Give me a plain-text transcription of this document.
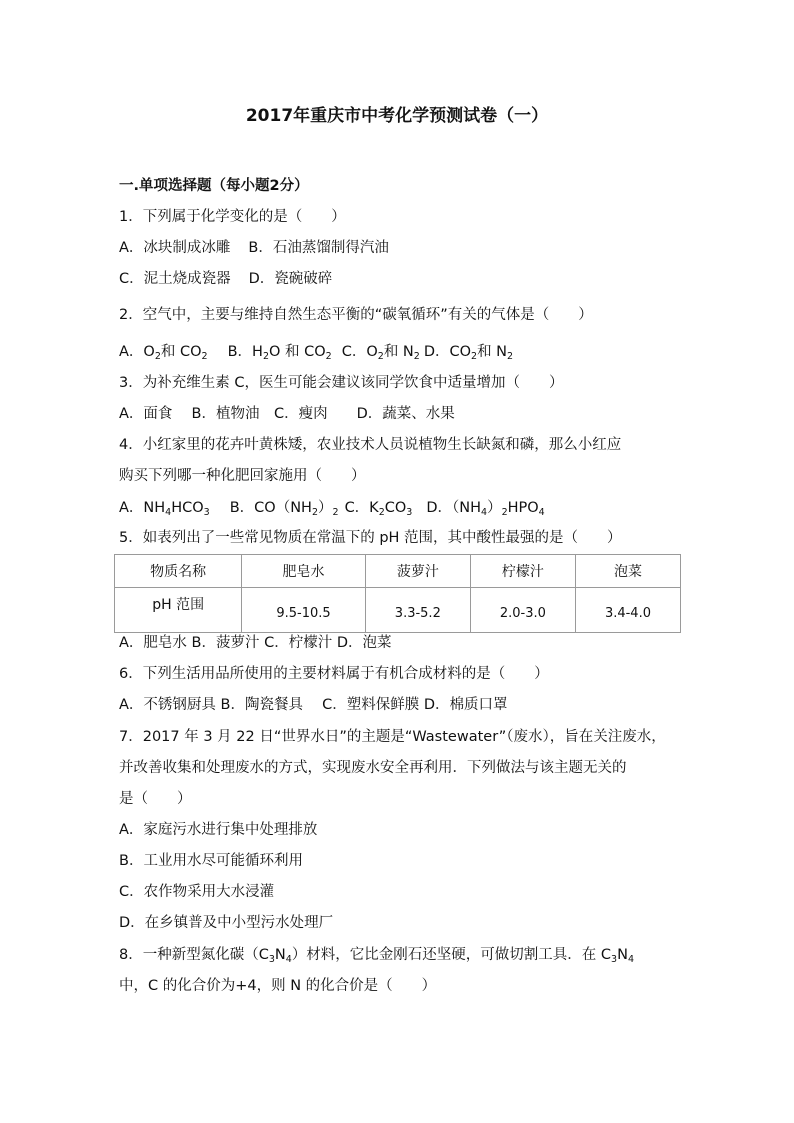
2017年重庆市中考化学预测试卷（一）
一.单项选择题（每小题2分）
1．下列属于化学变化的是（　　）
A．冰块制成冰雕 B．石油蒸馏制得汽油
C．泥土烧成瓷器 D．瓷碗破碎
2．空气中，主要与维持自然生态平衡的“碳氧循环”有关的气体是（　　）
A．$O_2$和 $CO_2$ B．$H_2O$ 和 $CO_2$ C．$O_2$和 $N_2$ D．$CO_2$和 $N_2$
3．为补充维生素 C，医生可能会建议该同学饮食中适量增加（　　）
A．面食　 B．植物油　C．瘦肉　　D．蔬菜、水果
4．小红家里的花卉叶黄株矮，农业技术人员说植物生长缺氮和磷，那么小红应
购买下列哪一种化肥回家施用（　　）
A．$NH_4HCO_3$ B．$CO(NH_2)_2$ C．$K_2CO_3$ D．$(NH_4)_2HPO_4$
5．如表列出了一些常见物质在常温下的 pH 范围，其中酸性最强的是（　　）
物质名称	肥皂水	菠萝汁	柠檬汁	泡菜
pH 范围	9.5-10.5	3.3-5.2	2.0-3.0	3.4-4.0
A．肥皂水 B．菠萝汁 C．柠檬汁 D．泡菜
6．下列生活用品所使用的主要材料属于有机合成材料的是（　　）
A．不锈钢厨具 B．陶瓷餐具　 C．塑料保鲜膜 D．棉质口罩
7．2017 年 3 月 22 日“世界水日”的主题是“Wastewater”（废水），旨在关注废水，
并改善收集和处理废水的方式，实现废水安全再利用．下列做法与该主题无关的
是（　　）
A．家庭污水进行集中处理排放
B．工业用水尽可能循环利用
C．农作物采用大水浸灌
D．在乡镇普及中小型污水处理厂
8．一种新型氮化碳$(C_3N_4)$材料，它比金刚石还坚硬，可做切割工具．在 $C_3N_4$
中，C 的化合价为+4，则 N 的化合价是（　　）
